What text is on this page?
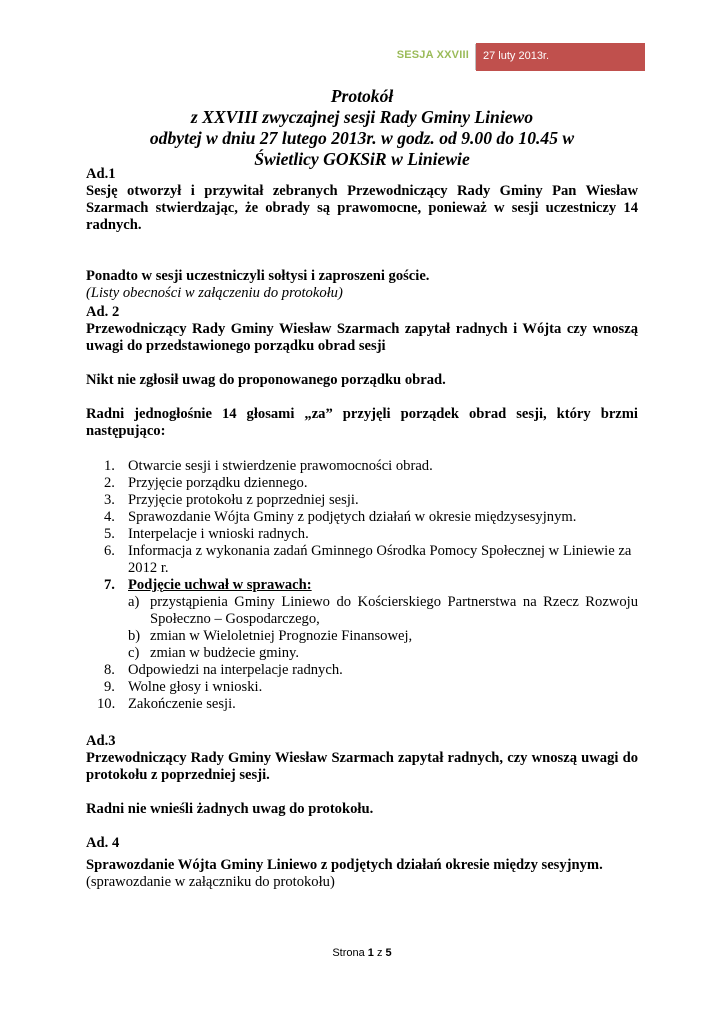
SESJA XXVIII 27 luty 2013r.
Protokół
z XXVIII zwyczajnej sesji Rady Gminy Liniewo
odbytej w dniu 27 lutego 2013r. w godz. od 9.00 do 10.45 w
Świetlicy GOKSiR w Liniewie
Ad.1

Sesję otworzył i przywitał zebranych Przewodniczący Rady Gminy Pan Wiesław Szarmach stwierdzając, że obrady są prawomocne, ponieważ w sesji uczestniczy 14 radnych.

Ponadto w sesji uczestniczyli sołtysi i zaproszeni goście.

(Listy obecności w załączeniu do protokołu)

Ad. 2

Przewodniczący Rady Gminy Wiesław Szarmach zapytał radnych i Wójta czy wnoszą uwagi do przedstawionego porządku obrad sesji

Nikt nie zgłosił uwag do proponowanego porządku obrad.

Radni jednogłośnie 14 głosami „za” przyjęli porządek obrad sesji, który brzmi następująco:

1. Otwarcie sesji i stwierdzenie prawomocności obrad.
2. Przyjęcie porządku dziennego.
3. Przyjęcie protokołu z poprzedniej sesji.
4. Sprawozdanie Wójta Gminy z podjętych działań w okresie międzysesyjnym.
5. Interpelacje i wnioski radnych.
6. Informacja z wykonania zadań Gminnego Ośrodka Pomocy Społecznej w Liniewie za 2012 r.
7. Podjęcie uchwał w sprawach:
a) przystąpienia Gminy Liniewo do Kościerskiego Partnerstwa na Rzecz Rozwoju Społeczno – Gospodarczego,
b) zmian w Wieloletniej Prognozie Finansowej,
c) zmian w budżecie gminy.
8. Odpowiedzi na interpelacje radnych.
9. Wolne głosy i wnioski.
10. Zakończenie sesji.
Ad.3

Przewodniczący Rady Gminy Wiesław Szarmach zapytał radnych, czy wnoszą uwagi do protokołu z poprzedniej sesji.

Radni nie wnieśli żadnych uwag do protokołu.

Ad. 4

Sprawozdanie Wójta Gminy Liniewo z podjętych działań okresie między sesyjnym.

(sprawozdanie w załączniku do protokołu)

Strona 1 z 5
